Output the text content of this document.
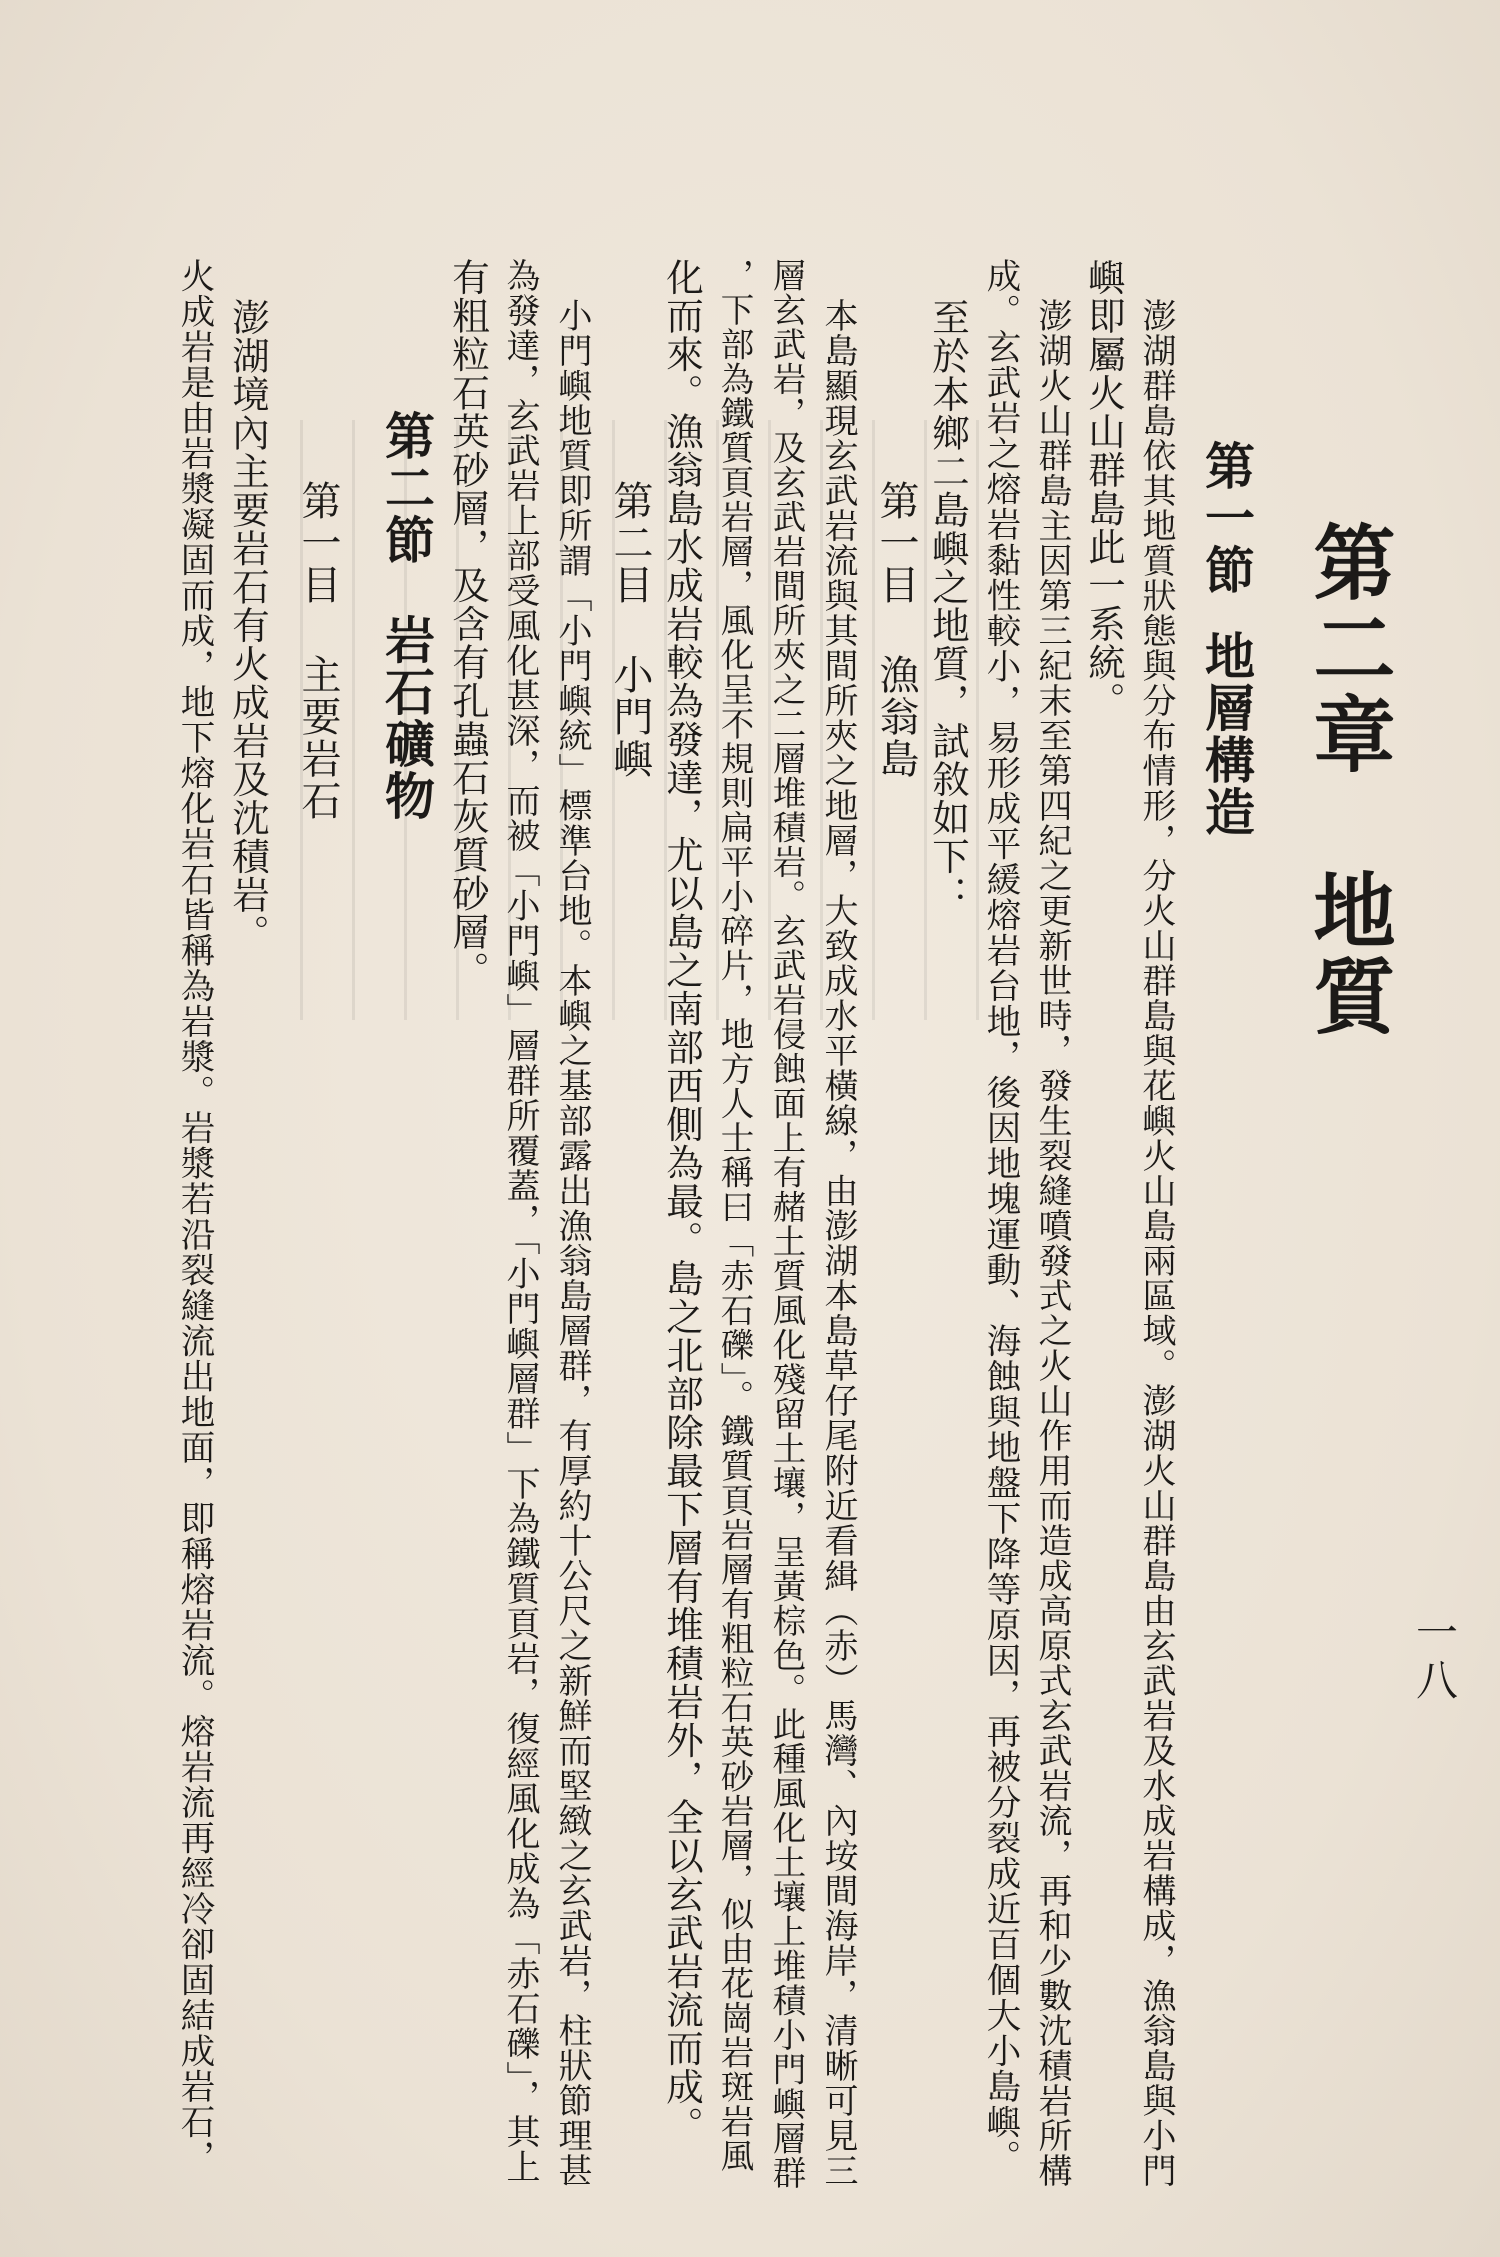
一八
第二章地質
第一節地層構造
澎湖群島依其地質狀態與分布情形，分火山群島與花嶼火山島兩區域。澎湖火山群島由玄武岩及水成岩構成，漁翁島與小門
嶼即屬火山群島此一系統。
澎湖火山群島主因第三紀末至第四紀之更新世時，發生裂縫噴發式之火山作用而造成高原式玄武岩流，再和少數沈積岩所構
成。玄武岩之熔岩黏性較小，易形成平緩熔岩台地，後因地塊運動、海蝕與地盤下降等原因，再被分裂成近百個大小島嶼。
至於本鄉二島嶼之地質，試敘如下：
第一目漁翁島
本島顯現玄武岩流與其間所夾之地層，大致成水平橫線，由澎湖本島草仔尾附近看緝（赤）馬灣、內垵間海岸，清晰可見三
層玄武岩，及玄武岩間所夾之二層堆積岩。玄武岩侵蝕面上有赭土質風化殘留土壤，呈黃棕色。此種風化土壤上堆積小門嶼層群
，下部為鐵質頁岩層，風化呈不規則扁平小碎片，地方人士稱曰「赤石礫」。鐵質頁岩層有粗粒石英砂岩層，似由花崗岩斑岩風
化而來。漁翁島水成岩較為發達，尤以島之南部西側為最。島之北部除最下層有堆積岩外，全以玄武岩流而成。
第二目小門嶼
小門嶼地質即所謂「小門嶼統」標準台地。本嶼之基部露出漁翁島層群，有厚約十公尺之新鮮而堅緻之玄武岩，柱狀節理甚
為發達，玄武岩上部受風化甚深，而被「小門嶼」層群所覆蓋，「小門嶼層群」下為鐵質頁岩，復經風化成為「赤石礫」，其上
有粗粒石英砂層，及含有孔蟲石灰質砂層。
第二節岩石礦物
第一目主要岩石
澎湖境內主要岩石有火成岩及沈積岩。
火成岩是由岩漿凝固而成，地下熔化岩石皆稱為岩漿。岩漿若沿裂縫流出地面，即稱熔岩流。熔岩流再經冷卻固結成岩石，
